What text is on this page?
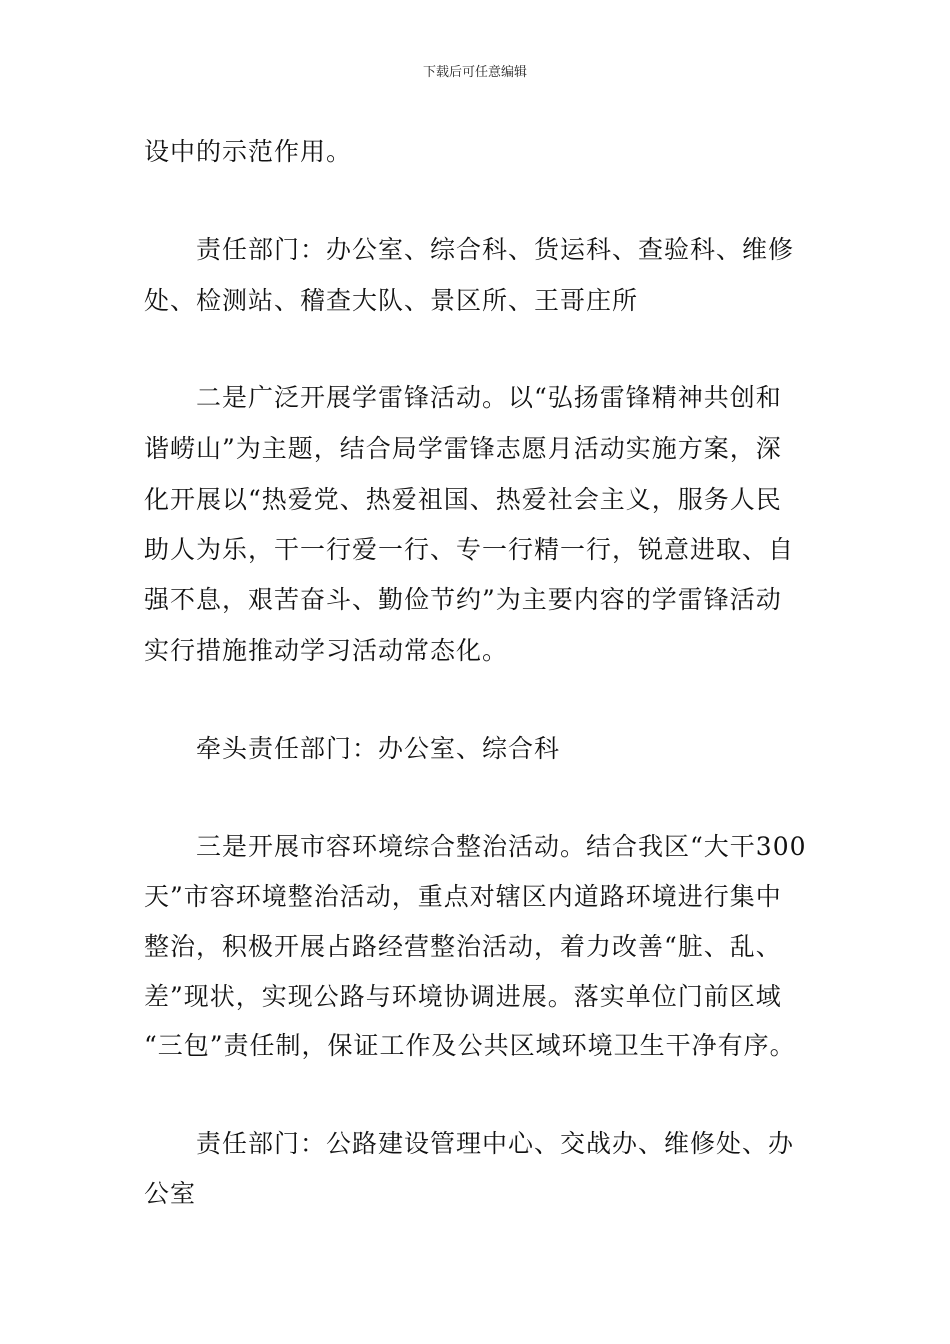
下载后可任意编辑
设中的示范作用。
责任部门：办公室、综合科、货运科、查验科、维修
处、检测站、稽查大队、景区所、王哥庄所
二是广泛开展学雷锋活动。以“弘扬雷锋精神共创和
谐崂山”为主题，结合局学雷锋志愿月活动实施方案，深
化开展以“热爱党、热爱祖国、热爱社会主义，服务人民
助人为乐，干一行爱一行、专一行精一行，锐意进取、自
强不息，艰苦奋斗、勤俭节约”为主要内容的学雷锋活动
实行措施推动学习活动常态化。
牵头责任部门：办公室、综合科
三是开展市容环境综合整治活动。结合我区“大干300
天”市容环境整治活动，重点对辖区内道路环境进行集中
整治，积极开展占路经营整治活动，着力改善“脏、乱、
差”现状，实现公路与环境协调进展。落实单位门前区域
“三包”责任制，保证工作及公共区域环境卫生干净有序。
责任部门：公路建设管理中心、交战办、维修处、办
公室
